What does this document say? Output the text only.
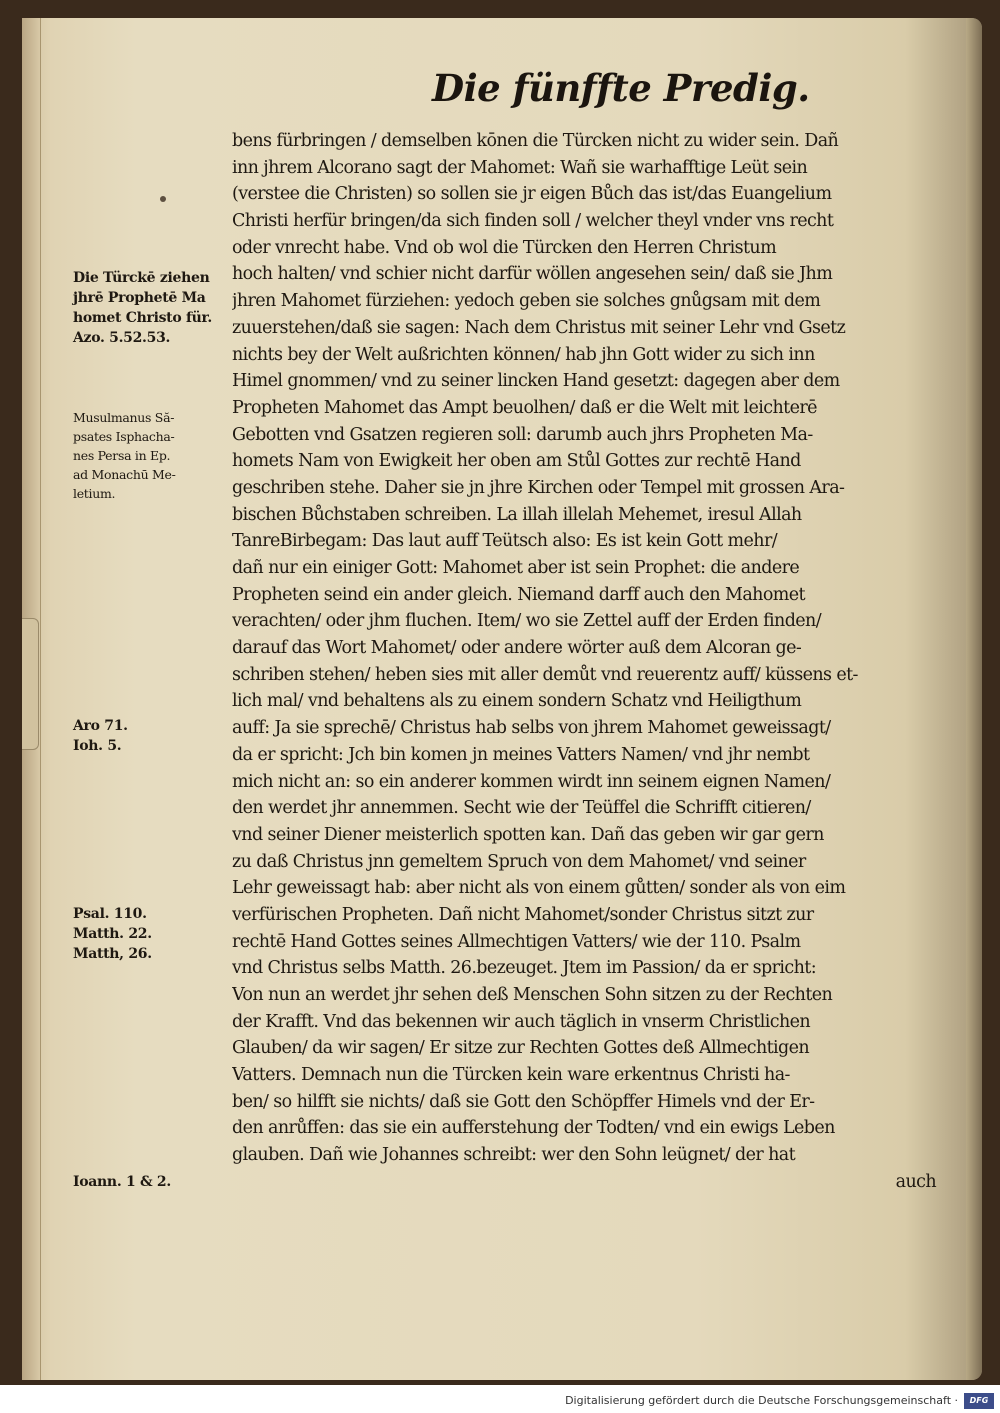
Die fünffte Predig.
bens fürbringen / demselben kōnen die Türcken nicht zu wider sein. Dañ
inn jhrem Alcorano sagt der Mahomet: Wañ sie warhafftige Leüt sein
(verstee die Christen) so sollen sie jr eigen Bůch das ist/das Euangelium
Christi herfür bringen/da sich finden soll / welcher theyl vnder vns recht
oder vnrecht habe. Vnd ob wol die Türcken den Herren Christum
hoch halten/ vnd schier nicht darfür wöllen angesehen sein/ daß sie Jhm
jhren Mahomet fürziehen: yedoch geben sie solches gnůgsam mit dem
zuuerstehen/daß sie sagen: Nach dem Christus mit seiner Lehr vnd Gsetz
nichts bey der Welt außrichten können/ hab jhn Gott wider zu sich inn
Himel gnommen/ vnd zu seiner lincken Hand gesetzt: dagegen aber dem
Propheten Mahomet das Ampt beuolhen/ daß er die Welt mit leichterē
Gebotten vnd Gsatzen regieren soll: darumb auch jhrs Propheten Ma-
homets Nam von Ewigkeit her oben am Stůl Gottes zur rechtē Hand
geschriben stehe. Daher sie jn jhre Kirchen oder Tempel mit grossen Ara-
bischen Bůchstaben schreiben. La illah illelah Mehemet, iresul Allah
TanreBirbegam: Das laut auff Teütsch also: Es ist kein Gott mehr/
dañ nur ein einiger Gott: Mahomet aber ist sein Prophet: die andere
Propheten seind ein ander gleich. Niemand darff auch den Mahomet
verachten/ oder jhm fluchen. Item/ wo sie Zettel auff der Erden finden/
darauf das Wort Mahomet/ oder andere wörter auß dem Alcoran ge-
schriben stehen/ heben sies mit aller demůt vnd reuerentz auff/ küssens et-
lich mal/ vnd behaltens als zu einem sondern Schatz vnd Heiligthum
auff: Ja sie sprechē/ Christus hab selbs von jhrem Mahomet geweissagt/
da er spricht: Jch bin komen jn meines Vatters Namen/ vnd jhr nembt
mich nicht an: so ein anderer kommen wirdt inn seinem eignen Namen/
den werdet jhr annemmen. Secht wie der Teüffel die Schrifft citieren/
vnd seiner Diener meisterlich spotten kan. Dañ das geben wir gar gern
zu daß Christus jnn gemeltem Spruch von dem Mahomet/ vnd seiner
Lehr geweissagt hab: aber nicht als von einem gůtten/ sonder als von eim
verfürischen Propheten. Dañ nicht Mahomet/sonder Christus sitzt zur
rechtē Hand Gottes seines Allmechtigen Vatters/ wie der 110. Psalm
vnd Christus selbs Matth. 26.bezeuget. Jtem im Passion/ da er spricht:
Von nun an werdet jhr sehen deß Menschen Sohn sitzen zu der Rechten
der Krafft. Vnd das bekennen wir auch täglich in vnserm Christlichen
Glauben/ da wir sagen/ Er sitze zur Rechten Gottes deß Allmechtigen
Vatters. Demnach nun die Türcken kein ware erkentnus Christi ha-
ben/ so hilfft sie nichts/ daß sie Gott den Schöpffer Himels vnd der Er-
den anrůffen: das sie ein aufferstehung der Todten/ vnd ein ewigs Leben
glauben. Dañ wie Johannes schreibt: wer den Sohn leügnet/ der hat
auch
Die Türckē ziehen
jhrē Prophetē Ma
homet Christo für.
Azo. 5.52.53.
Musulmanus Să-
psates Isphacha-
nes Persa in Ep.
ad Monachū Me-
letium.
Aro 71.
Ioh. 5.
Psal. 110.
Matth. 22.
Matth, 26.
Ioann. 1 & 2.
Digitalisierung gefördert durch die Deutsche Forschungsgemeinschaft ·	DFG
